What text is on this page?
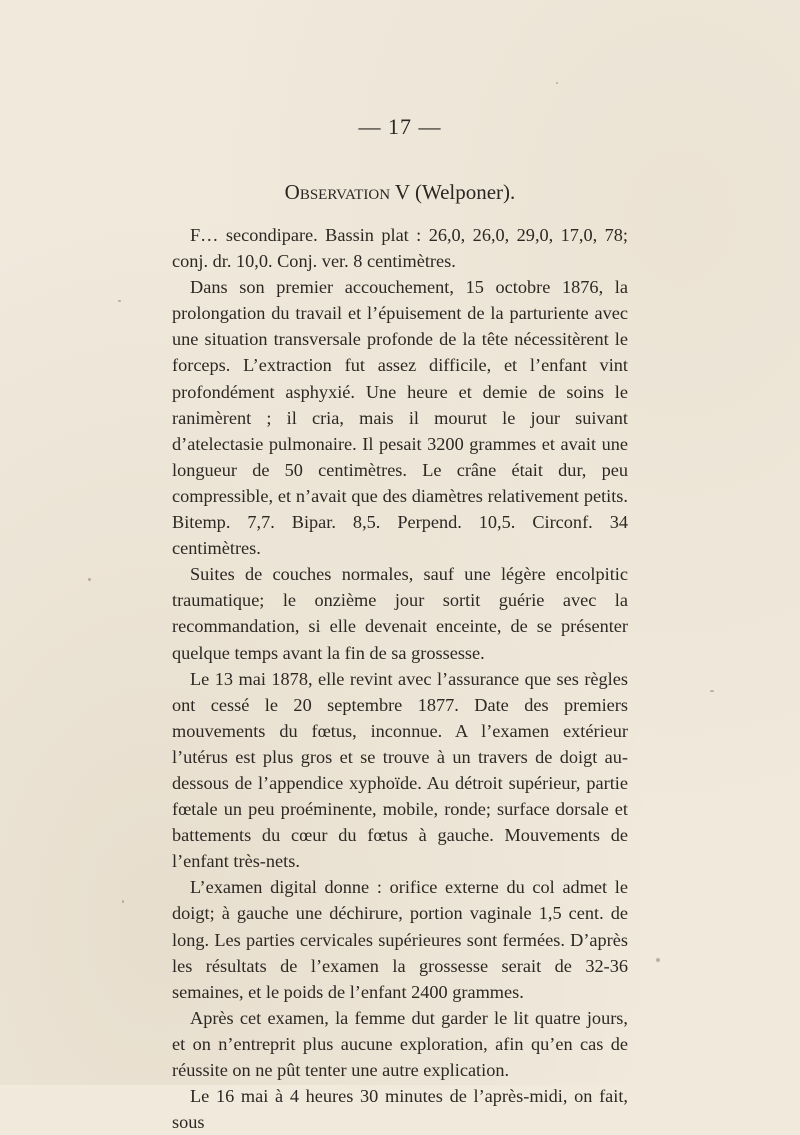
— 17 —
Observation V (Welponer).

F… secondipare. Bassin plat : 26,0, 26,0, 29,0, 17,0, 78; conj. dr. 10,0. Conj. ver. 8 centimètres.

Dans son premier accouchement, 15 octobre 1876, la prolongation du travail et l’épuisement de la parturiente avec une situation transversale profonde de la tête nécessitèrent le forceps. L’extraction fut assez difficile, et l’enfant vint profondément asphyxié. Une heure et demie de soins le ranimèrent ; il cria, mais il mourut le jour suivant d’atelectasie pulmonaire. Il pesait 3200 grammes et avait une longueur de 50 centimètres. Le crâne était dur, peu compressible, et n’avait que des diamètres relativement petits. Bitemp. 7,7. Bipar. 8,5. Perpend. 10,5. Circonf. 34 centimètres.

Suites de couches normales, sauf une légère encolpitic traumatique; le onzième jour sortit guérie avec la recommandation, si elle devenait enceinte, de se présenter quelque temps avant la fin de sa grossesse.

Le 13 mai 1878, elle revint avec l’assurance que ses règles ont cessé le 20 septembre 1877. Date des premiers mouvements du fœtus, inconnue. A l’examen extérieur l’utérus est plus gros et se trouve à un travers de doigt au-dessous de l’appendice xyphoïde. Au détroit supérieur, partie fœtale un peu proéminente, mobile, ronde; surface dorsale et battements du cœur du fœtus à gauche. Mouvements de l’enfant très-nets.

L’examen digital donne : orifice externe du col admet le doigt; à gauche une déchirure, portion vaginale 1,5 cent. de long. Les parties cervicales supérieures sont fermées. D’après les résultats de l’examen la grossesse serait de 32-36 semaines, et le poids de l’enfant 2400 grammes.

Après cet examen, la femme dut garder le lit quatre jours, et on n’entreprit plus aucune exploration, afin qu’en cas de réussite on ne pût tenter une autre explication.

Le 16 mai à 4 heures 30 minutes de l’après-midi, on fait, sous
